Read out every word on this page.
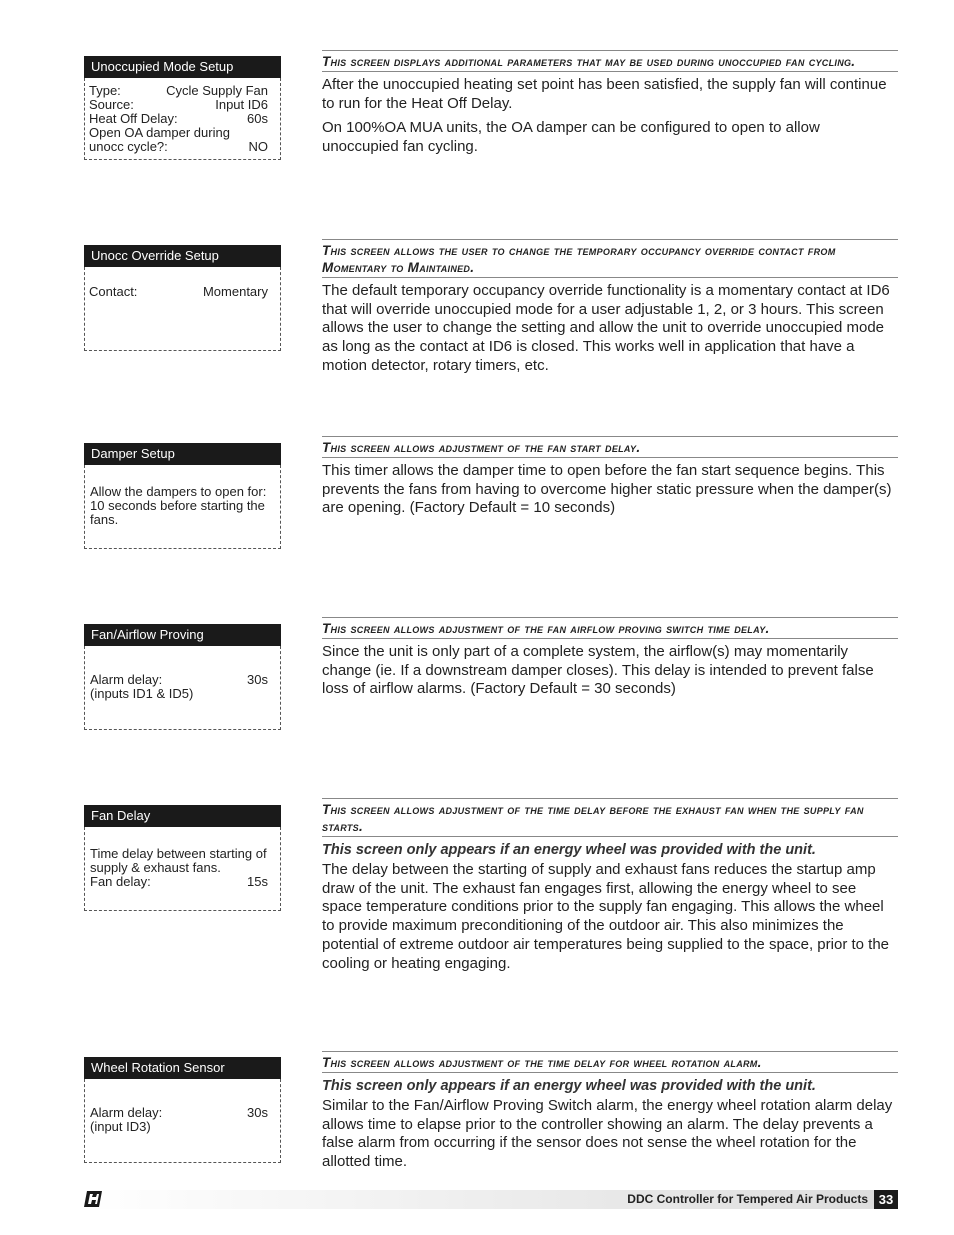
Unoccupied Mode Setup
Type:	Cycle Supply Fan
Source:	Input ID6
Heat Off Delay:	60s
Open OA damper during
unocc cycle?:	NO
This screen displays additional parameters that may be used during unoccupied fan cycling.

After the unoccupied heating set point has been satisfied, the supply fan will continue to run for the Heat Off Delay.

On 100%OA MUA units, the OA damper can be configured to open to allow unoccupied fan cycling.

Unocc Override Setup
Contact:	Momentary
This screen allows the user to change the temporary occupancy override contact from Momentary to Maintained.

The default temporary occupancy override functionality is a momentary contact at ID6 that will override unoccupied mode for a user adjustable 1, 2, or 3 hours. This screen allows the user to change the setting and allow the unit to override unoccupied mode as long as the contact at ID6 is closed. This works well in application that have a motion detector, rotary timers, etc.

Damper Setup
Allow the dampers to open for: 10 seconds before starting the fans.
This screen allows adjustment of the fan start delay.

This timer allows the damper time to open before the fan start sequence begins. This prevents the fans from having to overcome higher static pressure when the damper(s) are opening. (Factory Default = 10 seconds)

Fan/Airflow Proving
Alarm delay:	30s
(inputs ID1 & ID5)
This screen allows adjustment of the fan airflow proving switch time delay.

Since the unit is only part of a complete system, the airflow(s) may momentarily change (ie. If a downstream damper closes). This delay is intended to prevent false loss of airflow alarms. (Factory Default = 30 seconds)

Fan Delay
Time delay between starting of supply & exhaust fans.
Fan delay:	15s
This screen allows adjustment of the time delay before the exhaust fan when the supply fan starts.

This screen only appears if an energy wheel was provided with the unit.

The delay between the starting of supply and exhaust fans reduces the startup amp draw of the unit. The exhaust fan engages first, allowing the energy wheel to see space temperature conditions prior to the supply fan engaging. This allows the wheel to provide maximum preconditioning of the outdoor air. This also minimizes the potential of extreme outdoor air temperatures being supplied to the space, prior to the cooling or heating engaging.

Wheel Rotation Sensor
Alarm delay:	30s
(input ID3)
This screen allows adjustment of the time delay for wheel rotation alarm.

This screen only appears if an energy wheel was provided with the unit.

Similar to the Fan/Airflow Proving Switch alarm, the energy wheel rotation alarm delay allows time to elapse prior to the controller showing an alarm. The delay prevents a false alarm from occurring if the sensor does not sense the wheel rotation for the allotted time.

DDC Controller for Tempered Air Products 33
